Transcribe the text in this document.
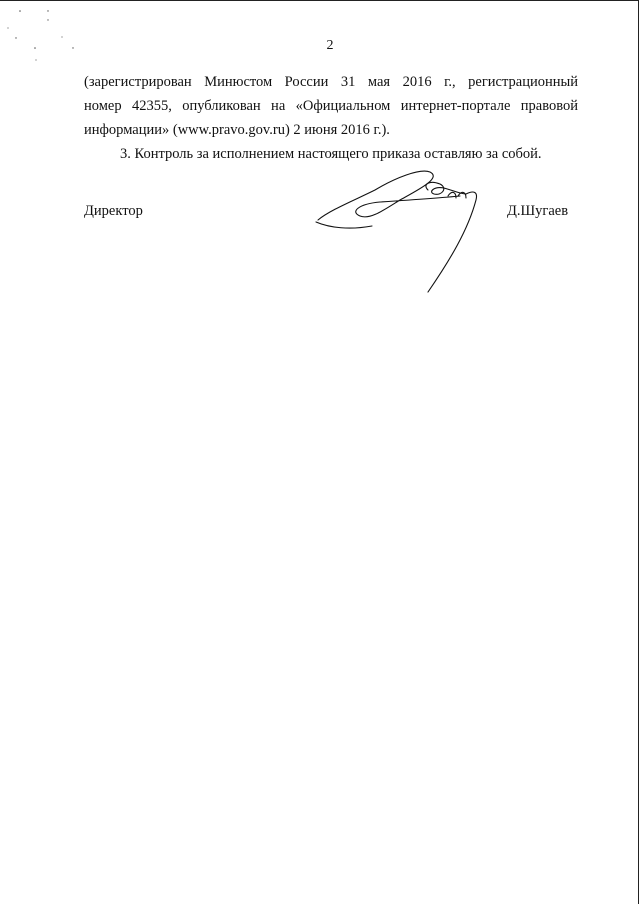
2

(зарегистрирован Минюстом России 31 мая 2016 г., регистрационный
номер 42355, опубликован на «Официальном интернет-портале правовой
информации» (www.pravo.gov.ru) 2 июня 2016 г.).

3. Контроль за исполнением настоящего приказа оставляю за собой.

Директор	Д.Шугаев
